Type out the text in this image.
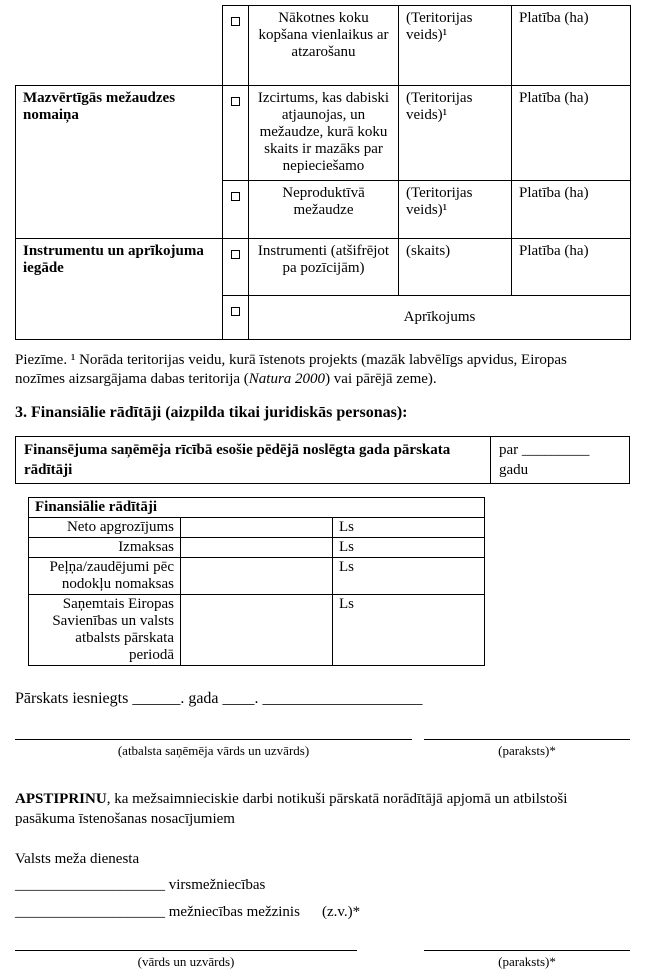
		Nākotnes koku kopšana vienlaikus ar atzarošanu	(Teritorijas veids)¹	Platība (ha)
Mazvērtīgās mežaudzes nomaiņa		Izcirtums, kas dabiski atjaunojas, un mežaudze, kurā koku skaits ir mazāks par nepieciešamo	(Teritorijas veids)¹	Platība (ha)
		Neproduktīvā mežaudze	(Teritorijas veids)¹	Platība (ha)
Instrumentu un aprīkojuma iegāde		Instrumenti (atšifrējot pa pozīcijām)	(skaits)	Platība (ha)
		Aprīkojums		

Piezīme. ¹ Norāda teritorijas veidu, kurā īstenots projekts (mazāk labvēlīgs apvidus, Eiropas nozīmes aizsargājama dabas teritorija (Natura 2000) vai pārējā zeme).

3. Finansiālie rādītāji (aizpilda tikai juridiskās personas):

Finansējuma saņēmēja rīcībā esošie pēdējā noslēgta gada pārskata rādītāji	par _________ gadu
Finansiālie rādītāji		
Neto apgrozījums		Ls
Izmaksas		Ls
Peļņa/zaudējumi pēc nodokļu nomaksas		Ls
Saņemtais Eiropas Savienības un valsts atbalsts pārskata periodā		Ls

Pārskats iesniegts ______. gada ____. ____________________

(atbalsta saņēmēja vārds un uzvārds)	(paraksts)*

APSTIPRINU, ka mežsaimnieciskie darbi notikuši pārskatā norādītājā apjomā un atbilstoši pasākuma īstenošanas nosacījumiem

Valsts meža dienesta

____________________ virsmežniecības

____________________ mežniecības mežzinis (z.v.)*

(vārds un uzvārds)	(paraksts)*
